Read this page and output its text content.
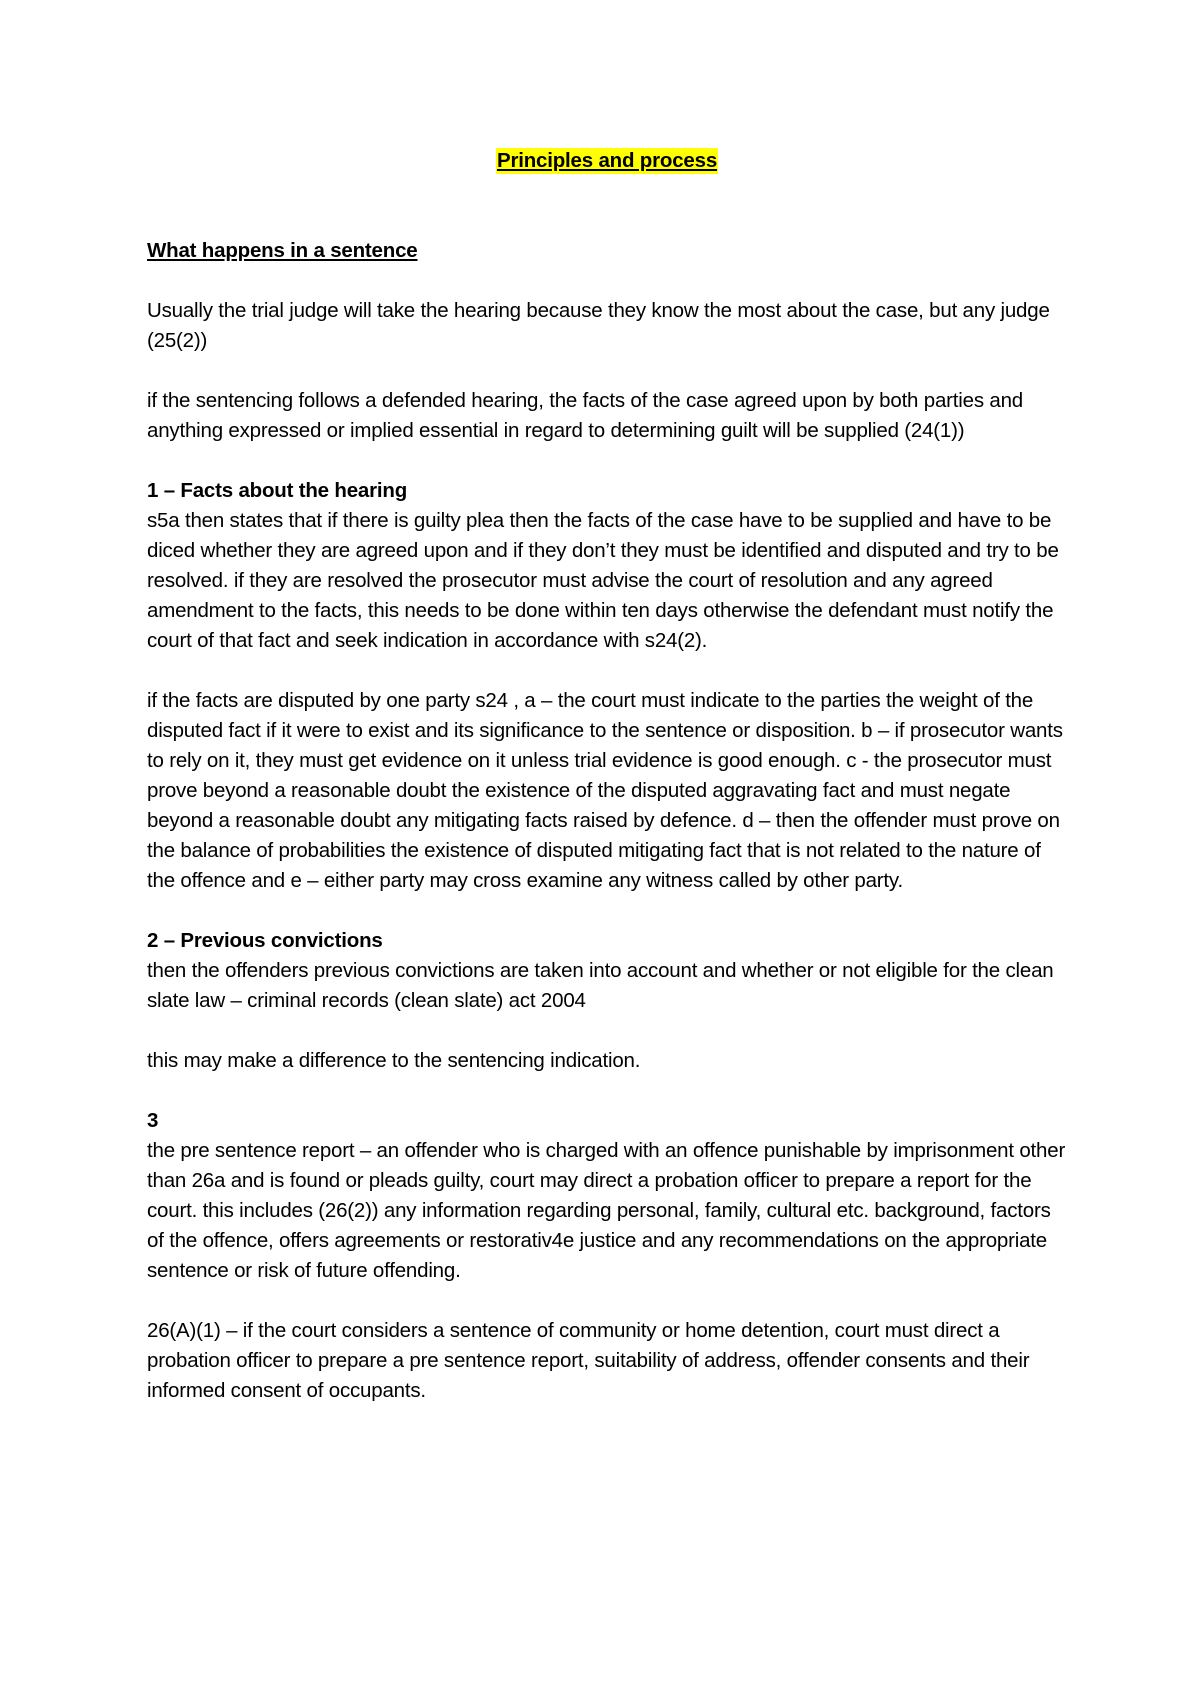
Principles and process

What happens in a sentence

Usually the trial judge will take the hearing because they know the most about the case, but any judge (25(2))

if the sentencing follows a defended hearing, the facts of the case agreed upon by both parties and anything expressed or implied essential in regard to determining guilt will be supplied (24(1))

1 – Facts about the hearing

s5a then states that if there is guilty plea then the facts of the case have to be supplied and have to be diced whether they are agreed upon and if they don’t they must be identified and disputed and try to be resolved. if they are resolved the prosecutor must advise the court of resolution and any agreed amendment to the facts, this needs to be done within ten days otherwise the defendant must notify the court of that fact and seek indication in accordance with s24(2).

if the facts are disputed by one party s24 , a – the court must indicate to the parties the weight of the disputed fact if it were to exist and its significance to the sentence or disposition. b – if prosecutor wants to rely on it, they must get evidence on it unless trial evidence is good enough. c - the prosecutor must prove beyond a reasonable doubt the existence of the disputed aggravating fact and must negate beyond a reasonable doubt any mitigating facts raised by defence. d – then the offender must prove on the balance of probabilities the existence of disputed mitigating fact that is not related to the nature of the offence and e – either party may cross examine any witness called by other party.

2 – Previous convictions

then the offenders previous convictions are taken into account and whether or not eligible for the clean slate law – criminal records (clean slate) act 2004

this may make a difference to the sentencing indication.

3

the pre sentence report – an offender who is charged with an offence punishable by imprisonment other than 26a and is found or pleads guilty, court may direct a probation officer to prepare a report for the court. this includes (26(2)) any information regarding personal, family, cultural etc. background, factors of the offence, offers agreements or restorativ4e justice and any recommendations on the appropriate sentence or risk of future offending.

26(A)(1) – if the court considers a sentence of community or home detention, court must direct a probation officer to prepare a pre sentence report, suitability of address, offender consents and their informed consent of occupants.
